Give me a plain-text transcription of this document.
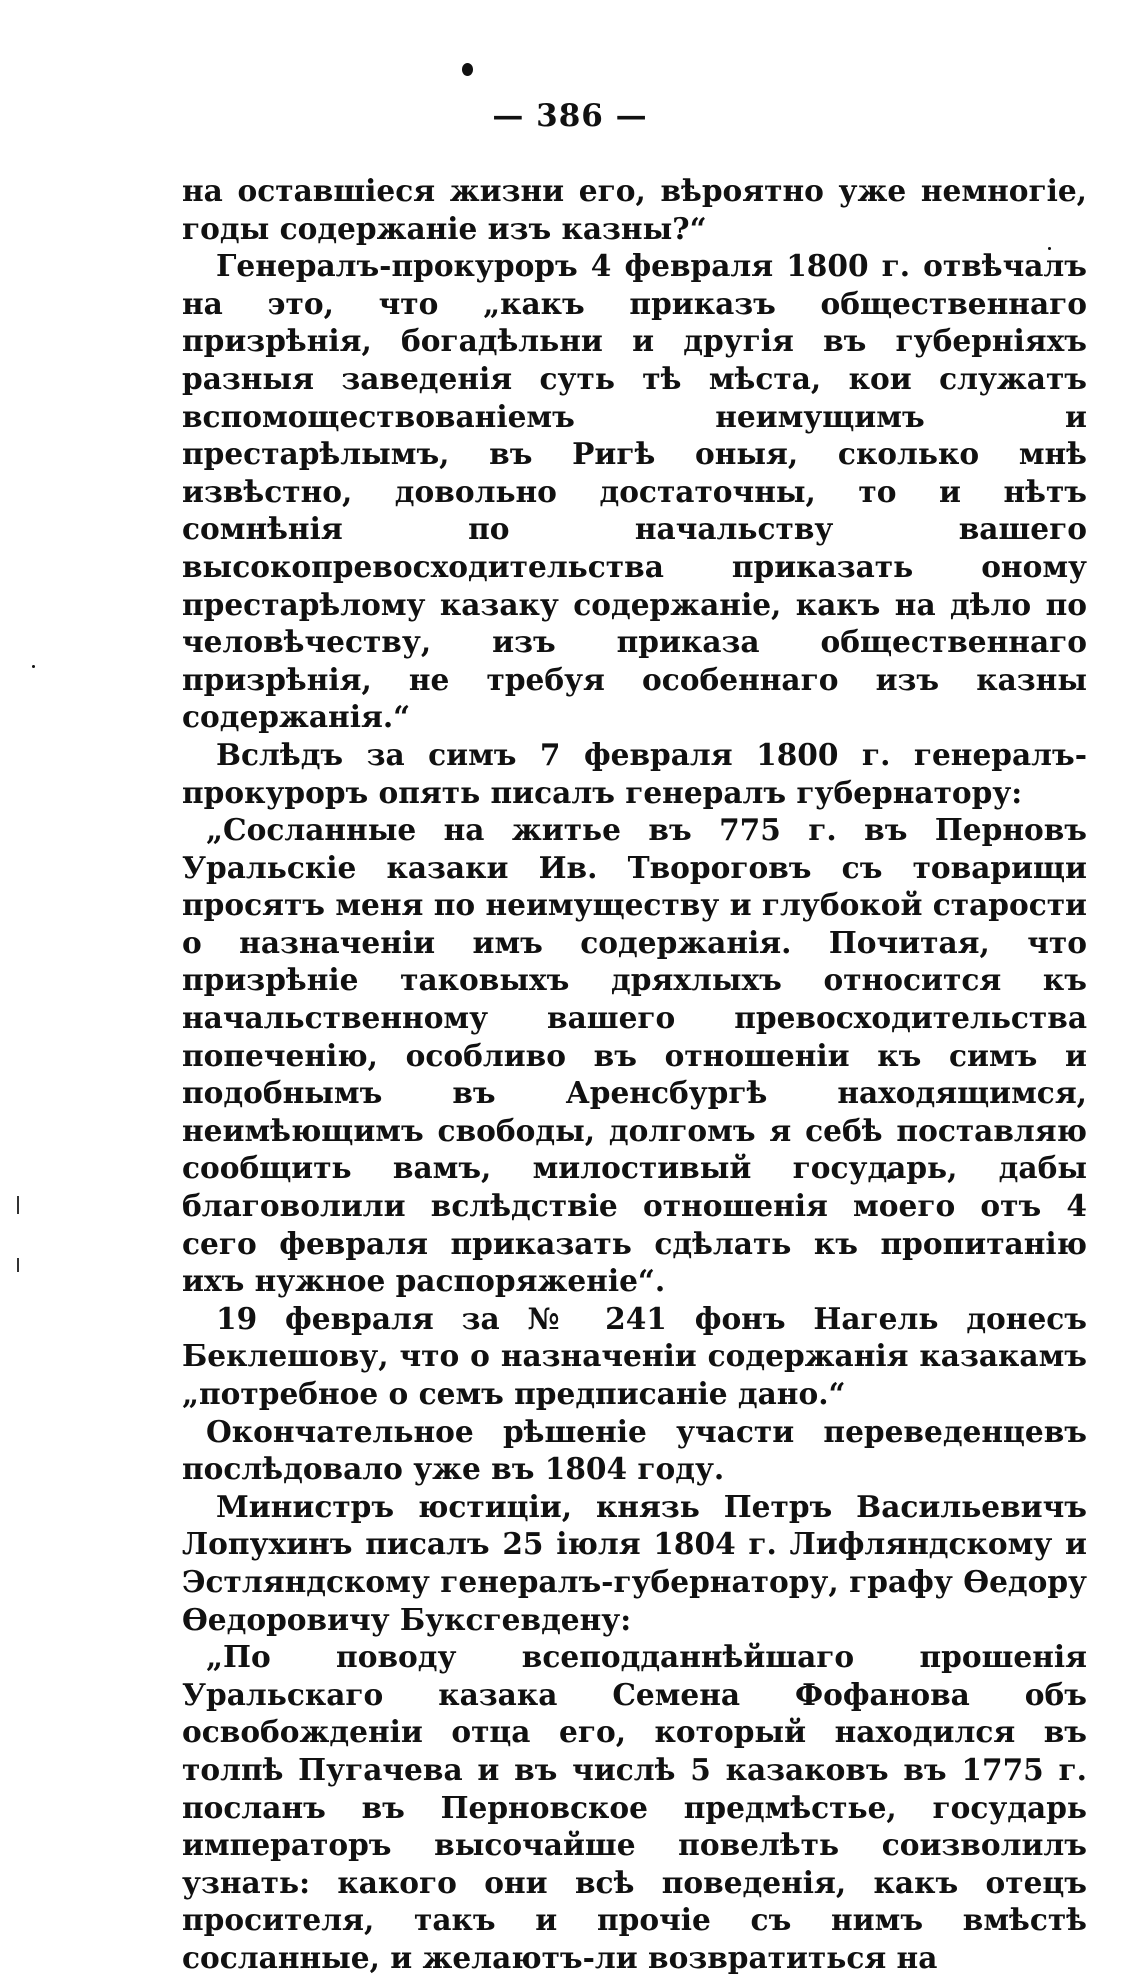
— 386 —

на оставшіеся жизни его, вѣроятно уже немногіе, годы содержаніе изъ казны?“

Генералъ-прокуроръ 4 февраля 1800 г. отвѣчалъ на это, что „какъ приказъ общественнаго призрѣнія, богадѣльни и другія въ губерніяхъ разныя заведенія суть тѣ мѣста, кои служатъ вспомоществованіемъ неимущимъ и престарѣлымъ, въ Ригѣ оныя, сколько мнѣ извѣстно, довольно достаточны, то и нѣтъ сомнѣнія по начальству вашего высокопревосходительства приказать оному престарѣлому казаку содержаніе, какъ на дѣло по человѣчеству, изъ приказа общественнаго призрѣнія, не требуя особеннаго изъ казны содержанія.“

Вслѣдъ за симъ 7 февраля 1800 г. генералъ-прокуроръ опять писалъ генералъ губернатору:

„Сосланные на житье въ 775 г. въ Перновъ Уральскіе казаки Ив. Твороговъ съ товарищи просятъ меня по неимуществу и глубокой старости о назначеніи имъ содержанія. Почитая, что призрѣніе таковыхъ дряхлыхъ относится къ начальственному вашего превосходительства попеченію, особливо въ отношеніи къ симъ и подобнымъ въ Аренсбургѣ находящимся, неимѣющимъ свободы, долгомъ я себѣ поставляю сообщить вамъ, милостивый государь, дабы благоволили вслѣдствіе отношенія моего отъ 4 сего февраля приказать сдѣлать къ пропитанію ихъ нужное распоряженіе“.

19 февраля за № 241 фонъ Нагель донесъ Беклешову, что о назначеніи содержанія казакамъ „потребное о семъ предписаніе дано.“

Окончательное рѣшеніе участи переведенцевъ послѣдовало уже въ 1804 году.

Министръ юстиціи, князь Петръ Васильевичъ Лопухинъ писалъ 25 іюля 1804 г. Лифляндскому и Эстляндскому генералъ-губернатору, графу Ѳедору Ѳедоровичу Буксгевдену:

„По поводу всеподданнѣйшаго прошенія Уральскаго казака Семена Фофанова объ освобожденіи отца его, который находился въ толпѣ Пугачева и въ числѣ 5 казаковъ въ 1775 г. посланъ въ Перновское предмѣстье, государь императоръ высочайше повелѣть соизволилъ узнать: какого они всѣ поведенія, какъ отецъ просителя, такъ и прочіе съ нимъ вмѣстѣ сосланные, и желаютъ-ли возвратиться на
